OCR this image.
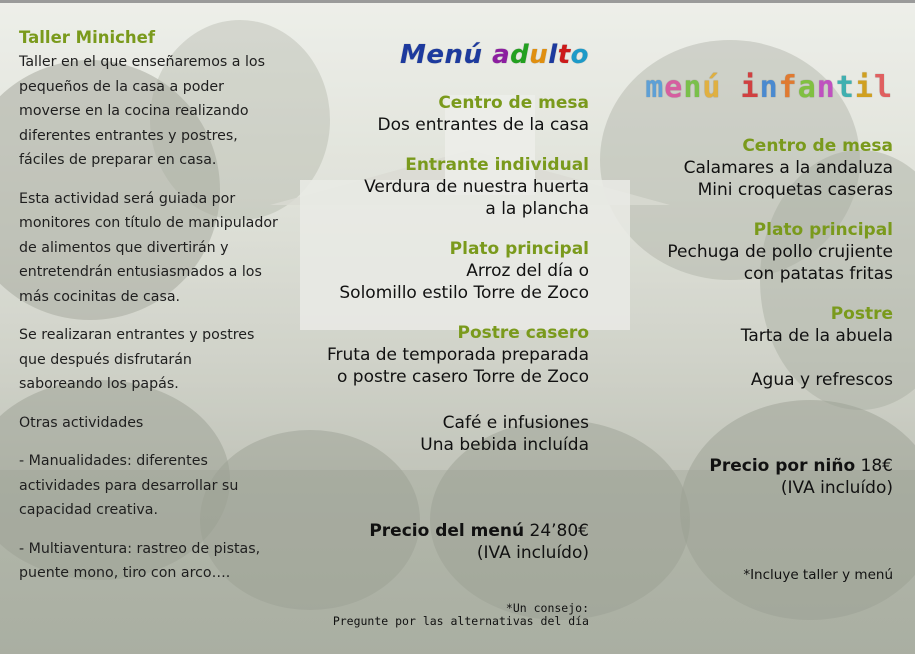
Taller Minichef

Taller en el que enseñaremos a los pequeños de la casa a poder moverse en la cocina realizando diferentes entrantes y postres, fáciles de preparar en casa.

Esta actividad será guiada por monitores con título de manipulador de alimentos que divertirán y entretendrán entusiasmados a los más cocinitas de casa.

Se realizaran entrantes y postres que después disfrutarán saboreando los papás.

Otras actividades

- Manualidades: diferentes actividades para desarrollar su capacidad creativa.

- Multiaventura: rastreo de pistas, puente mono, tiro con arco….

Menú adulto
Centro de mesa
Dos entrantes de la casa
Entrante individual
Verdura de nuestra huerta
a la plancha
Plato principal
Arroz del día o
Solomillo estilo Torre de Zoco
Postre casero
Fruta de temporada preparada
o postre casero Torre de Zoco
Café e infusiones
Una bebida incluída
Precio del menú 24’80€
(IVA incluído)
*Un consejo:
Pregunte por las alternativas del día
menú infantil
Centro de mesa
Calamares a la andaluza
Mini croquetas caseras
Plato principal
Pechuga de pollo crujiente
con patatas fritas
Postre
Tarta de la abuela
Agua y refrescos
Precio por niño 18€
(IVA incluído)
*Incluye taller y menú
